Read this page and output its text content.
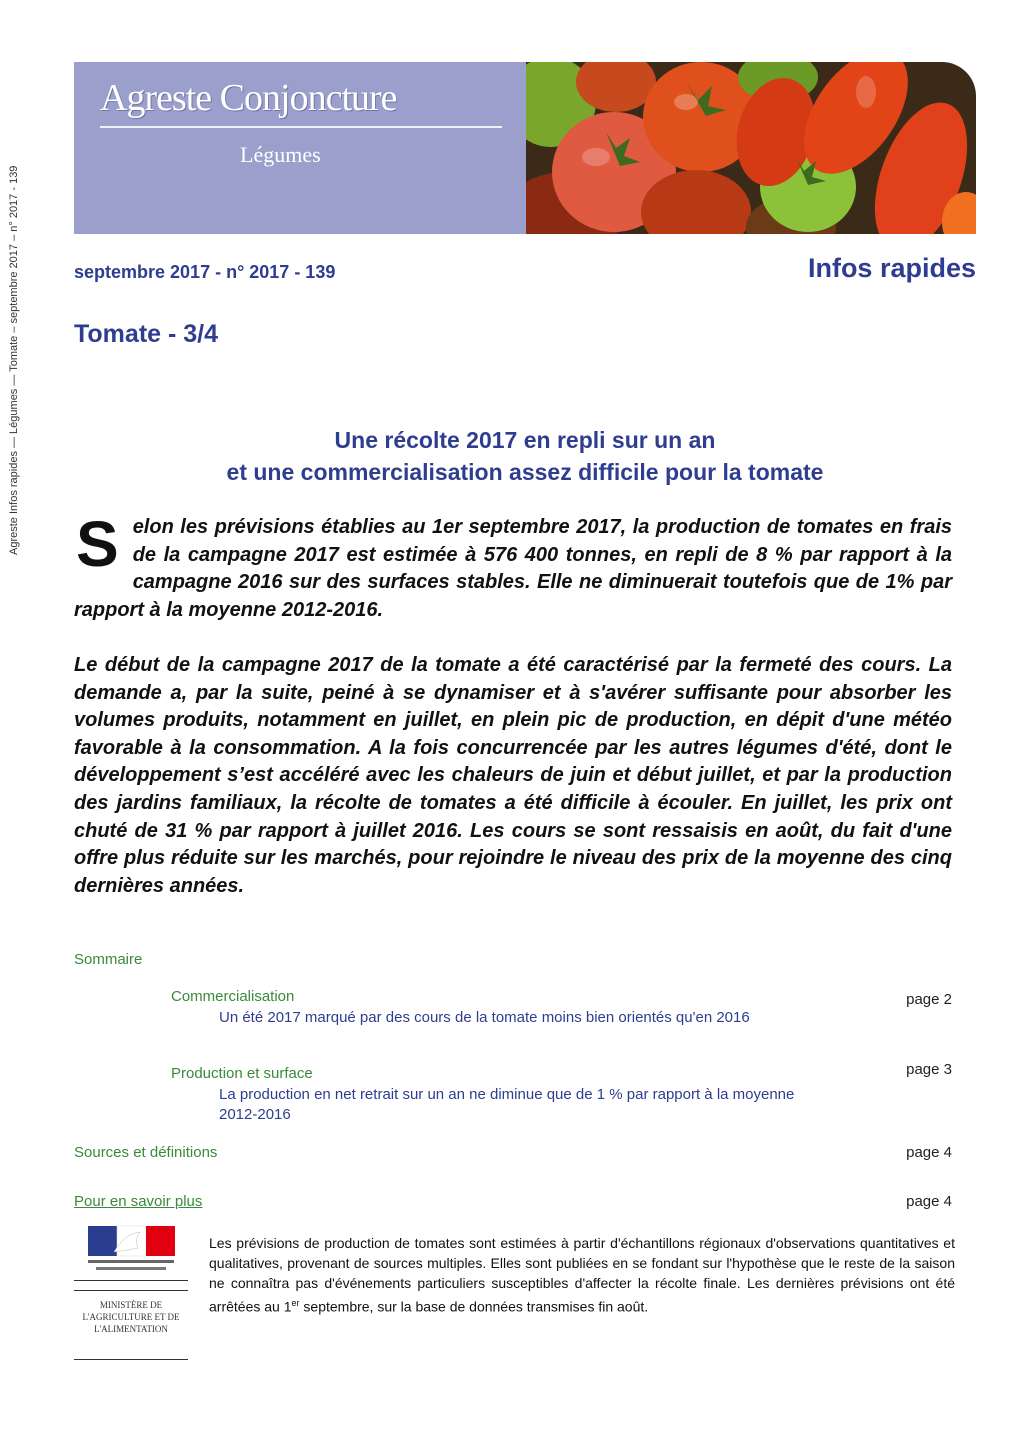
Agreste Infos rapides — Légumes — Tomate – septembre 2017 – n° 2017 - 139
Agreste Conjoncture
Légumes
septembre 2017 - n° 2017 - 139	Infos rapides
Tomate - 3/4
Une récolte 2017 en repli sur un an
et une commercialisation assez difficile pour la tomate

Selon les prévisions établies au 1er septembre 2017, la production de tomates en frais de la campagne 2017 est estimée à 576 400 tonnes, en repli de 8 % par rapport à la campagne 2016 sur des surfaces stables. Elle ne diminuerait toutefois que de 1% par rapport à la moyenne 2012-2016.

Le début de la campagne 2017 de la tomate a été caractérisé par la fermeté des cours. La demande a, par la suite, peiné à se dynamiser et à s'avérer suffisante pour absorber les volumes produits, notamment en juillet, en plein pic de production, en dépit d'une météo favorable à la consommation. A la fois concurrencée par les autres légumes d'été, dont le développement s’est accéléré avec les chaleurs de juin et début juillet, et par la production des jardins familiaux, la récolte de tomates a été difficile à écouler. En juillet, les prix ont chuté de 31 % par rapport à juillet 2016. Les cours se sont ressaisis en août, du fait d'une offre plus réduite sur les marchés, pour rejoindre le niveau des prix de la moyenne des cinq dernières années.

Sommaire
Commercialisation
Un été 2017 marqué par des cours de la tomate moins bien orientés qu'en 2016
page 2
Production et surface
La production en net retrait sur un an ne diminue que de 1 % par rapport à la moyenne 2012-2016
page 3
Sources et définitions	page 4
Pour en savoir plus	page 4
MINISTÈRE DE L'AGRICULTURE ET DE L'ALIMENTATION
Les prévisions de production de tomates sont estimées à partir d'échantillons régionaux d'observations quantitatives et qualitatives, provenant de sources multiples. Elles sont publiées en se fondant sur l'hypothèse que le reste de la saison ne connaîtra pas d'événements particuliers susceptibles d'affecter la récolte finale. Les dernières prévisions ont été arrêtées au 1er septembre, sur la base de données transmises fin août.
